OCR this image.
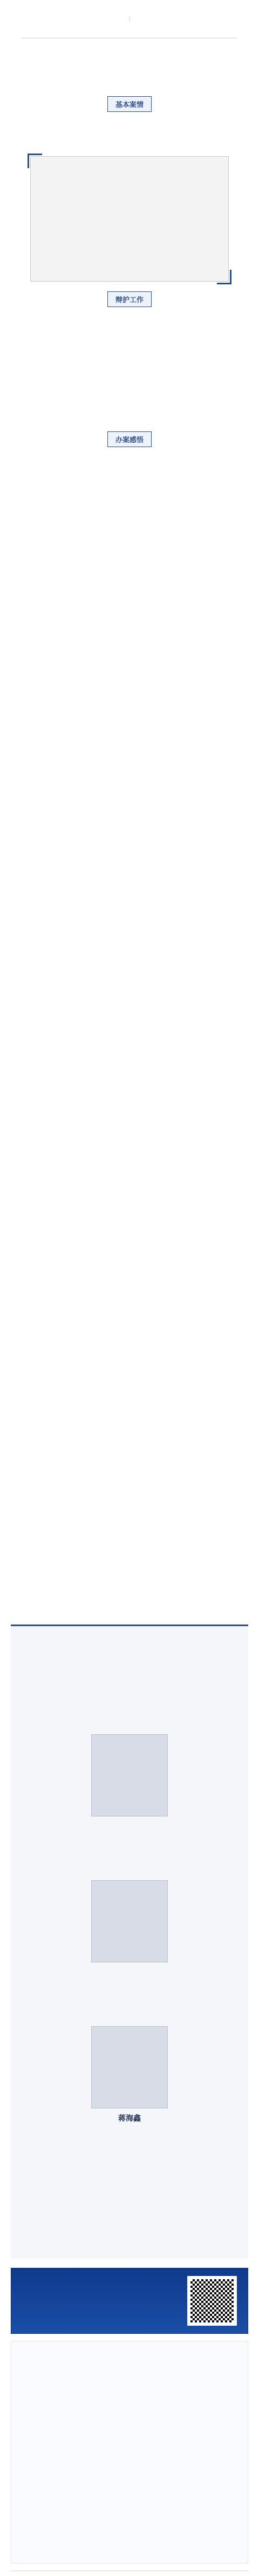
|

基本案情

辩护工作

办案感悟

蒋海鑫
